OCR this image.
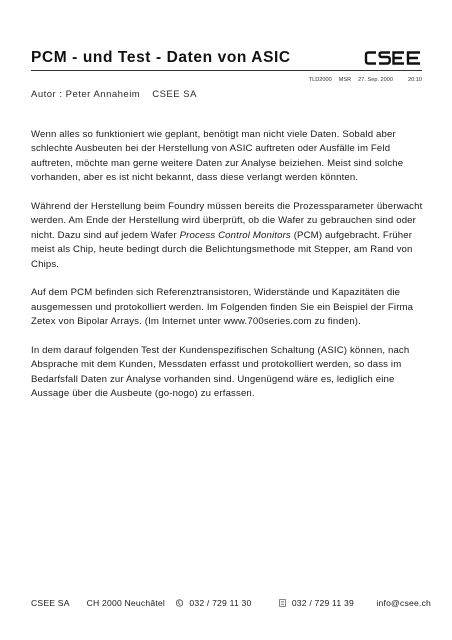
PCM - und Test - Daten von ASIC
TLD2000 MSR 27. Sep. 2000	20:10
Autor : Peter Annaheim CSEE SA

Wenn alles so funktioniert wie geplant, benötigt man nicht viele Daten. Sobald aber schlechte Ausbeuten bei der Herstellung von ASIC auftreten oder Ausfälle im Feld auftreten, möchte man gerne weitere Daten zur Analyse beiziehen. Meist sind solche vorhanden, aber es ist nicht bekannt, dass diese verlangt werden könnten.

Während der Herstellung beim Foundry müssen bereits die Prozessparameter überwacht werden. Am Ende der Herstellung wird überprüft, ob die Wafer zu gebrauchen sind oder nicht. Dazu sind auf jedem Wafer Process Control Monitors (PCM) aufgebracht. Früher meist als Chip, heute bedingt durch die Belichtungsmethode mit Stepper, am Rand von Chips.

Auf dem PCM befinden sich Referenztransistoren, Widerstände und Kapazitäten die ausgemessen und protokolliert werden. Im Folgenden finden Sie ein Beispiel der Firma Zetex von Bipolar Arrays. (Im Internet unter www.700series.com zu finden).

In dem darauf folgenden Test der Kundenspezifischen Schaltung (ASIC) können, nach Absprache mit dem Kunden, Messdaten erfasst und protokolliert werden, so dass im Bedarfsfall Daten zur Analyse vorhanden sind. Ungenügend wäre es, lediglich eine Aussage über die Ausbeute (go-nogo) zu erfassen.

CSEE SA	CH 2000 Neuchâtel	032 / 729 11 30	032 / 729 11 39	info@csee.ch
